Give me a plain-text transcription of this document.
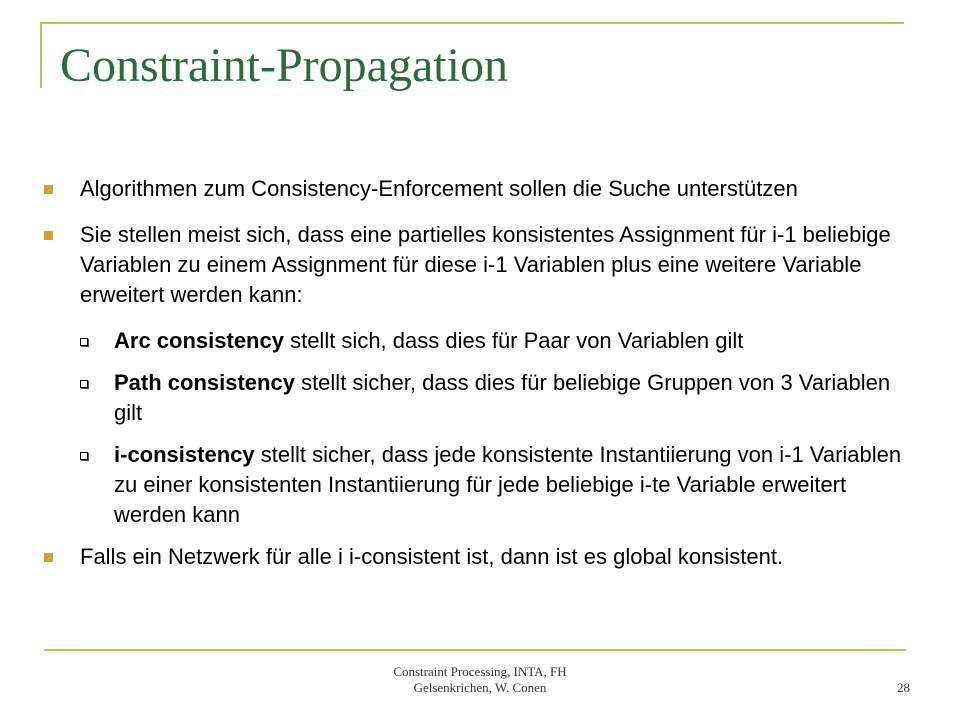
Constraint-Propagation
Algorithmen zum Consistency-Enforcement sollen die Suche unterstützen
Sie stellen meist sich, dass eine partielles konsistentes Assignment für i-1 beliebige Variablen zu einem Assignment für diese i-1 Variablen plus eine weitere Variable erweitert werden kann:
Arc consistency stellt sich, dass dies für Paar von Variablen gilt
Path consistency stellt sicher, dass dies für beliebige Gruppen von 3 Variablen gilt
i-consistency stellt sicher, dass jede konsistente Instantiierung von i-1 Variablen zu einer konsistenten Instantiierung für jede beliebige i-te Variable erweitert werden kann
Falls ein Netzwerk für alle i i-consistent ist, dann ist es global konsistent.
Constraint Processing, INTA, FH
Gelsenkrichen, W. Conen	28
